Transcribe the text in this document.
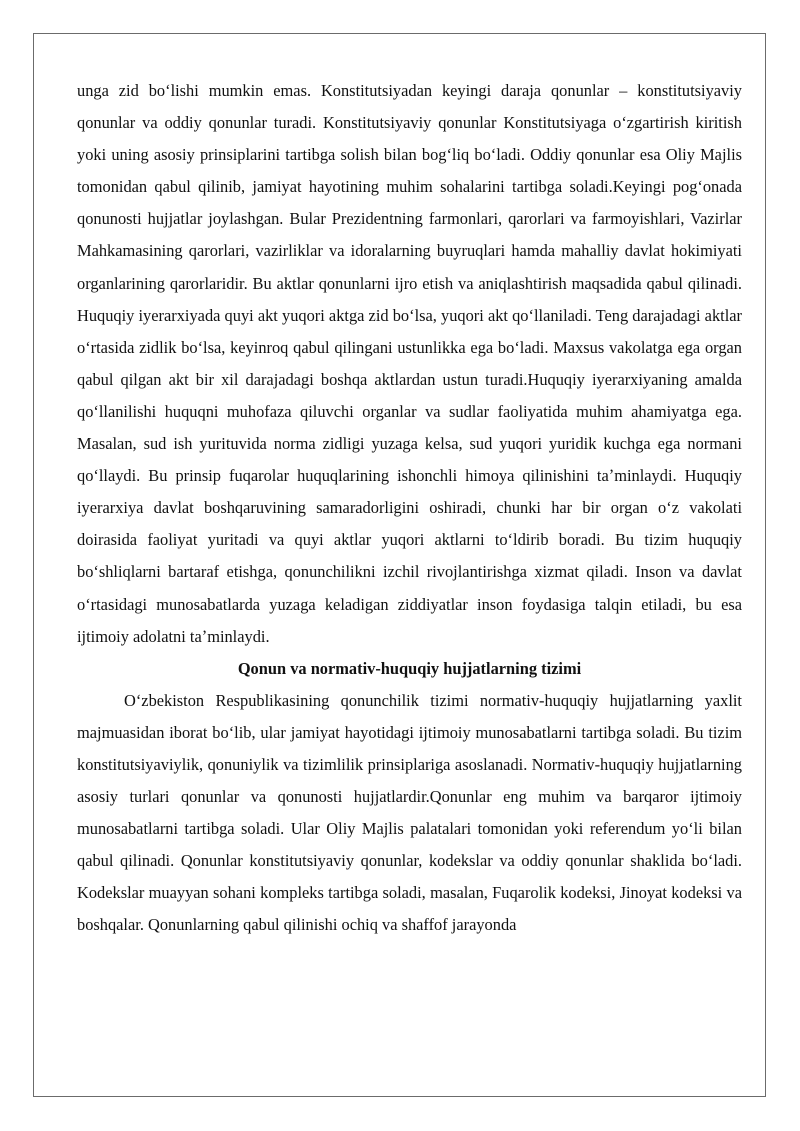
unga zid boʻlishi mumkin emas. Konstitutsiyadan keyingi daraja qonunlar – konstitutsiyaviy qonunlar va oddiy qonunlar turadi. Konstitutsiyaviy qonunlar Konstitutsiyaga oʻzgartirish kiritish yoki uning asosiy prinsiplarini tartibga solish bilan bogʻliq boʻladi. Oddiy qonunlar esa Oliy Majlis tomonidan qabul qilinib, jamiyat hayotining muhim sohalarini tartibga soladi.Keyingi pogʻonada qonunosti hujjatlar joylashgan. Bular Prezidentning farmonlari, qarorlari va farmoyishlari, Vazirlar Mahkamasining qarorlari, vazirliklar va idoralarning buyruqlari hamda mahalliy davlat hokimiyati organlarining qarorlaridir. Bu aktlar qonunlarni ijro etish va aniqlashtirish maqsadida qabul qilinadi. Huquqiy iyerarxiyada quyi akt yuqori aktga zid boʻlsa, yuqori akt qoʻllaniladi. Teng darajadagi aktlar oʻrtasida zidlik boʻlsa, keyinroq qabul qilingani ustunlikka ega boʻladi. Maxsus vakolatga ega organ qabul qilgan akt bir xil darajadagi boshqa aktlardan ustun turadi.Huquqiy iyerarxiyaning amalda qoʻllanilishi huquqni muhofaza qiluvchi organlar va sudlar faoliyatida muhim ahamiyatga ega. Masalan, sud ish yurituvida norma zidligi yuzaga kelsa, sud yuqori yuridik kuchga ega normani qoʻllaydi. Bu prinsip fuqarolar huquqlarining ishonchli himoya qilinishini taʼminlaydi. Huquqiy iyerarxiya davlat boshqaruvining samaradorligini oshiradi, chunki har bir organ oʻz vakolati doirasida faoliyat yuritadi va quyi aktlar yuqori aktlarni toʻldirib boradi. Bu tizim huquqiy boʻshliqlarni bartaraf etishga, qonunchilikni izchil rivojlantirishga xizmat qiladi. Inson va davlat oʻrtasidagi munosabatlarda yuzaga keladigan ziddiyatlar inson foydasiga talqin etiladi, bu esa ijtimoiy adolatni taʼminlaydi.

Qonun va normativ-huquqiy hujjatlarning tizimi

Oʻzbekiston Respublikasining qonunchilik tizimi normativ-huquqiy hujjatlarning yaxlit majmuasidan iborat boʻlib, ular jamiyat hayotidagi ijtimoiy munosabatlarni tartibga soladi. Bu tizim konstitutsiyaviylik, qonuniylik va tizimlilik prinsiplariga asoslanadi. Normativ-huquqiy hujjatlarning asosiy turlari qonunlar va qonunosti hujjatlardir.Qonunlar eng muhim va barqaror ijtimoiy munosabatlarni tartibga soladi. Ular Oliy Majlis palatalari tomonidan yoki referendum yoʻli bilan qabul qilinadi. Qonunlar konstitutsiyaviy qonunlar, kodekslar va oddiy qonunlar shaklida boʻladi. Kodekslar muayyan sohani kompleks tartibga soladi, masalan, Fuqarolik kodeksi, Jinoyat kodeksi va boshqalar. Qonunlarning qabul qilinishi ochiq va shaffof jarayonda
